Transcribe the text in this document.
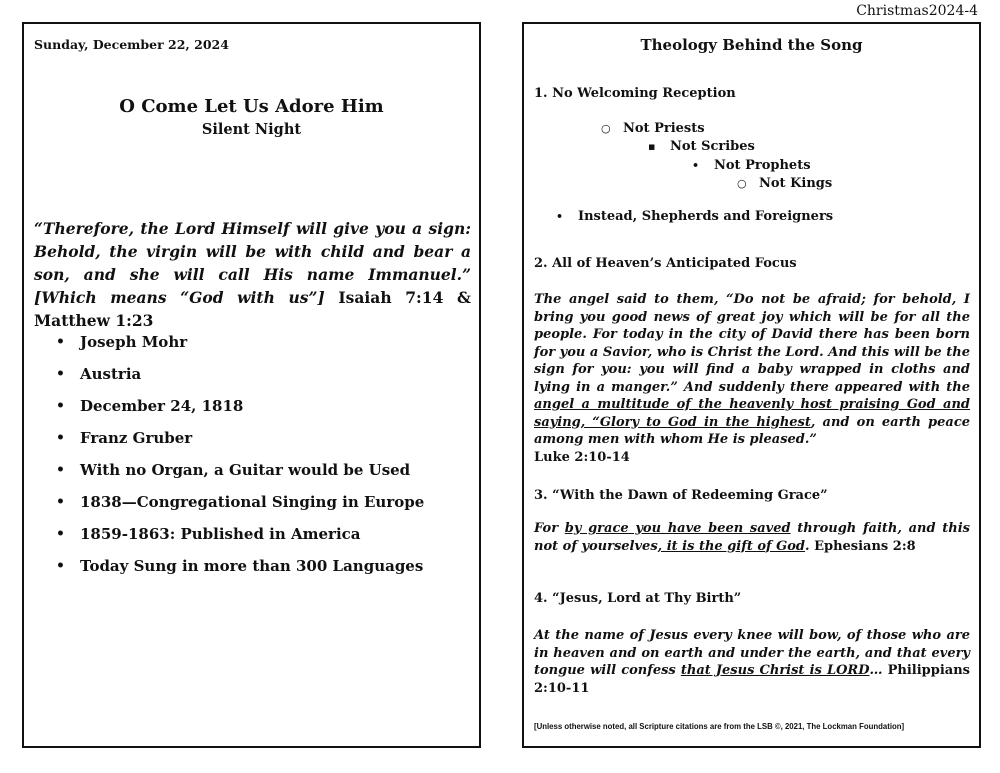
Christmas2024-4
Sunday, December 22, 2024
O Come Let Us Adore Him
Silent Night
“Therefore, the Lord Himself will give you a sign: Behold, the virgin will be with child and bear a son, and she will call His name Immanuel.” [Which means “God with us”] Isaiah 7:14 & Matthew 1:23
• Joseph Mohr
• Austria
• December 24, 1818
• Franz Gruber
• With no Organ, a Guitar would be Used
• 1838—Congregational Singing in Europe
• 1859-1863: Published in America
• Today Sung in more than 300 Languages
Theology Behind the Song
1. No Welcoming Reception
○ Not Priests
▪ Not Scribes
• Not Prophets
○ Not Kings
• Instead, Shepherds and Foreigners
2. All of Heaven’s Anticipated Focus
The angel said to them, “Do not be afraid; for behold, I bring you good news of great joy which will be for all the people. For today in the city of David there has been born for you a Savior, who is Christ the Lord. And this will be the sign for you: you will find a baby wrapped in cloths and lying in a manger.” And suddenly there appeared with the angel a multitude of the heavenly host praising God and saying, “Glory to God in the highest, and on earth peace among men with whom He is pleased.”
Luke 2:10-14
3. “With the Dawn of Redeeming Grace”
For by grace you have been saved through faith, and this not of yourselves, it is the gift of God. Ephesians 2:8
4. “Jesus, Lord at Thy Birth”
At the name of Jesus every knee will bow, of those who are in heaven and on earth and under the earth, and that every tongue will confess that Jesus Christ is LORD… Philippians 2:10-11
[Unless otherwise noted, all Scripture citations are from the LSB ©, 2021, The Lockman Foundation]
